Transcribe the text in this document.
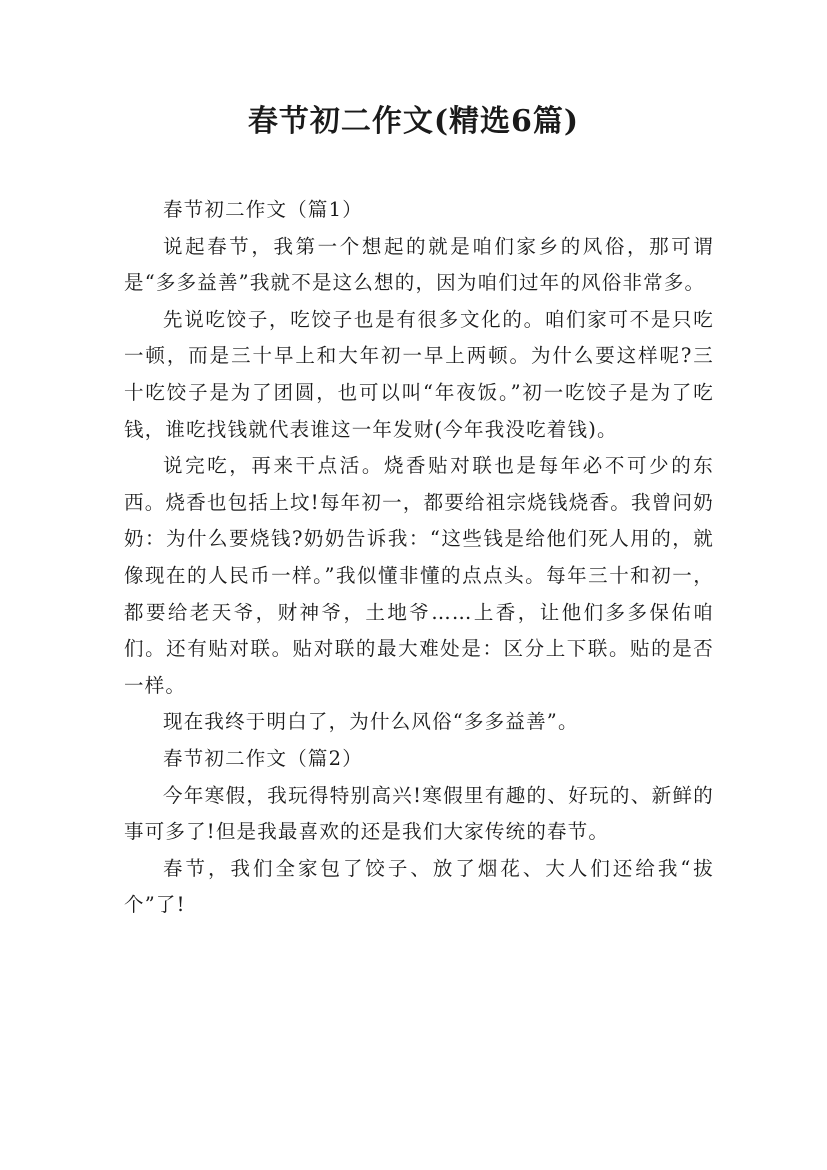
春节初二作文(精选6篇)

春节初二作文（篇1）

说起春节，我第一个想起的就是咱们家乡的风俗，那可谓是“多多益善”我就不是这么想的，因为咱们过年的风俗非常多。

先说吃饺子，吃饺子也是有很多文化的。咱们家可不是只吃一顿，而是三十早上和大年初一早上两顿。为什么要这样呢?三十吃饺子是为了团圆，也可以叫“年夜饭。”初一吃饺子是为了吃钱，谁吃找钱就代表谁这一年发财(今年我没吃着钱)。

说完吃，再来干点活。烧香贴对联也是每年必不可少的东西。烧香也包括上坟!每年初一，都要给祖宗烧钱烧香。我曾问奶奶：为什么要烧钱?奶奶告诉我：“这些钱是给他们死人用的，就像现在的人民币一样。”我似懂非懂的点点头。每年三十和初一，都要给老天爷，财神爷，土地爷……上香，让他们多多保佑咱们。还有贴对联。贴对联的最大难处是：区分上下联。贴的是否一样。

现在我终于明白了，为什么风俗“多多益善”。

春节初二作文（篇2）

今年寒假，我玩得特别高兴!寒假里有趣的、好玩的、新鲜的事可多了!但是我最喜欢的还是我们大家传统的春节。

春节，我们全家包了饺子、放了烟花、大人们还给我“拔个”了!
